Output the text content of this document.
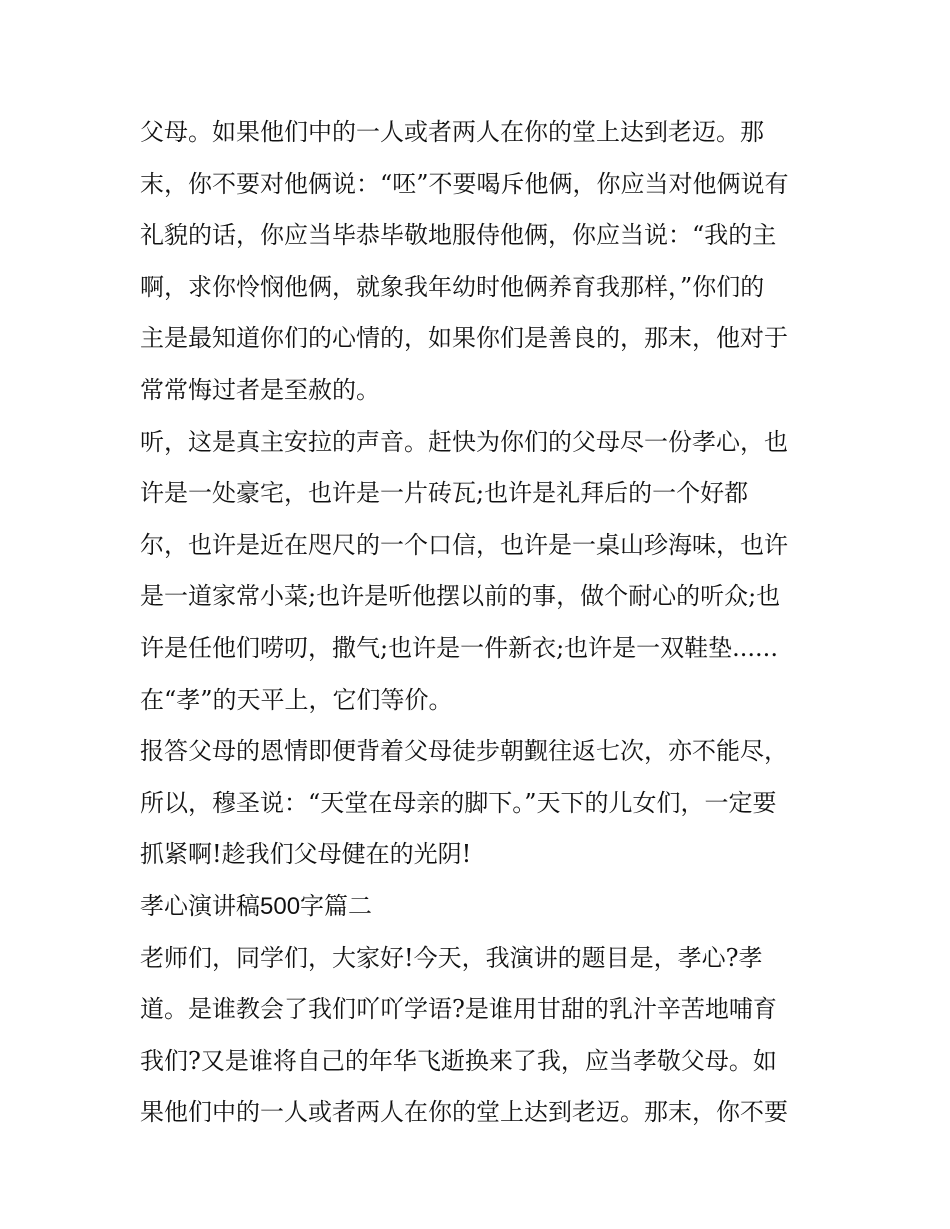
父母。如果他们中的一人或者两人在你的堂上达到老迈。那
末，你不要对他俩说：“呸”不要喝斥他俩，你应当对他俩说有
礼貌的话，你应当毕恭毕敬地服侍他俩，你应当说：“我的主
啊，求你怜悯他俩，就象我年幼时他俩养育我那样，”你们的
主是最知道你们的心情的，如果你们是善良的，那末，他对于
常常悔过者是至赦的。
听，这是真主安拉的声音。赶快为你们的父母尽一份孝心，也
许是一处豪宅，也许是一片砖瓦;也许是礼拜后的一个好都
尔，也许是近在咫尺的一个口信，也许是一桌山珍海味，也许
是一道家常小菜;也许是听他摆以前的事，做个耐心的听众;也
许是任他们唠叨，撒气;也许是一件新衣;也许是一双鞋垫......
在“孝”的天平上，它们等价。
报答父母的恩情即便背着父母徒步朝觐往返七次，亦不能尽，
所以，穆圣说：“天堂在母亲的脚下。”天下的儿女们，一定要
抓紧啊!趁我们父母健在的光阴!
孝心演讲稿500字篇二
老师们，同学们，大家好!今天，我演讲的题目是，孝心?孝
道。是谁教会了我们吖吖学语?是谁用甘甜的乳汁辛苦地哺育
我们?又是谁将自己的年华飞逝换来了我，应当孝敬父母。如
果他们中的一人或者两人在你的堂上达到老迈。那末，你不要
